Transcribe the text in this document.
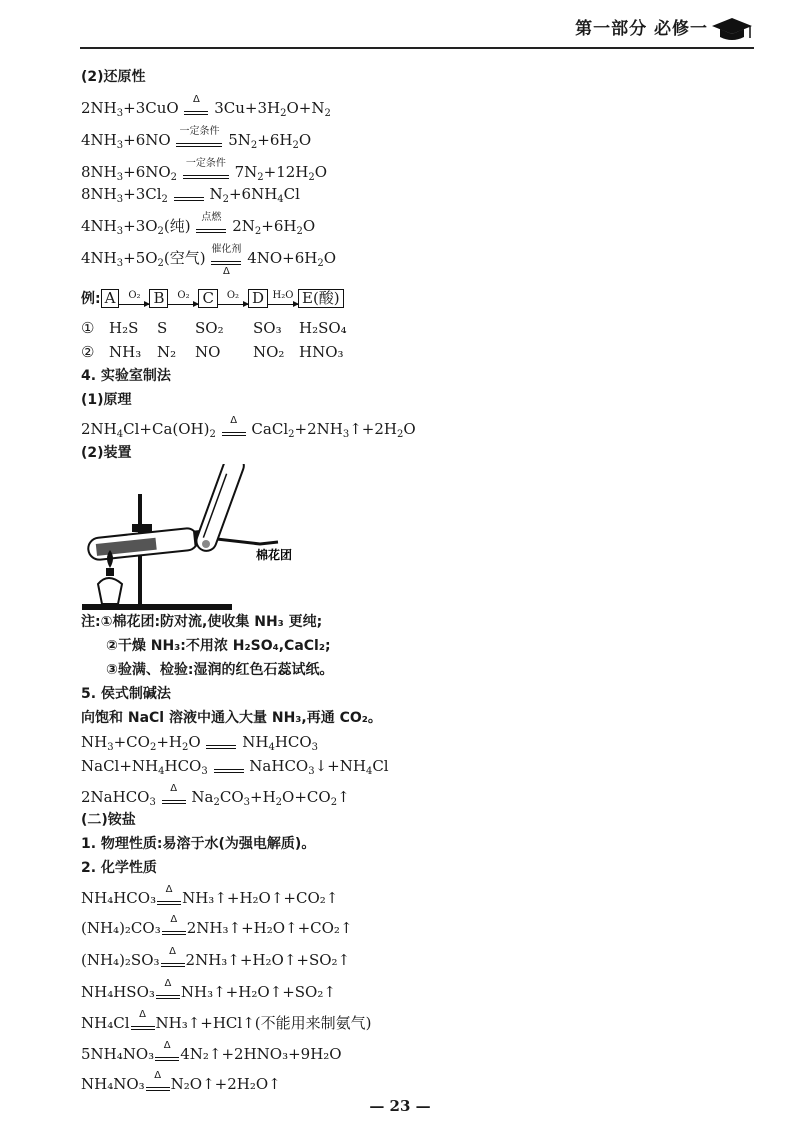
第一部分 必修一
(2)还原性
$2NH_3+3CuO$	Δ $3Cu+3H_2O+N_2$
$4NH_3+6NO$ 一定条件 $5N_2+6H_2O$
$8NH_3+6NO_2$
一定条件 $7N_2+12H_2O$
$8NH_3+3Cl_2$	$N_2+6NH_4Cl$
$4NH_3+3O_2$(纯)	点燃 $2N_2+6H_2O$
$4NH_3+5O_2$(空气) 催化剂
Δ
$4NO+6H_2O$
例: A	O₂ B	O₂ C	O₂ D H₂O E(酸)
① H₂S S SO₂ SO₃ H₂SO₄
② NH₃ N₂ NO NO₂ HNO₃
4. 实验室制法
(1)原理
$2NH_4Cl+Ca(OH)_2$
Δ $CaCl_2+2NH_3↑+2H_2O$
(2)装置
棉花团
注:①棉花团:防对流,使收集 NH₃ 更纯;
②干燥 NH₃:不用浓 H₂SO₄,CaCl₂;
③验满、检验:湿润的红色石蕊试纸。
5. 侯式制碱法
向饱和 NaCl 溶液中通入大量 NH₃,再通 CO₂。
$NH_3+CO_2+H_2O$	$NH_4HCO_3$
$NaCl+NH_4HCO_3$	$NaHCO_3↓+NH_4Cl$
2NaHCO$_3$
Δ $Na_2CO_3+H_2O+CO_2↑$
(二)铵盐
1. 物理性质:易溶于水(为强电解质)。
2. 化学性质
NH₄HCO₃ Δ NH₃↑+H₂O↑+CO₂↑
(NH₄)₂CO₃ Δ 2NH₃↑+H₂O↑+CO₂↑
(NH₄)₂SO₃ Δ 2NH₃↑+H₂O↑+SO₂↑
NH₄HSO₃ Δ NH₃↑+H₂O↑+SO₂↑
NH₄Cl Δ NH₃↑+HCl↑(不能用来制氨气)
5NH₄NO₃ Δ 4N₂↑+2HNO₃+9H₂O
NH₄NO₃ Δ N₂O↑+2H₂O↑
— 23 —
